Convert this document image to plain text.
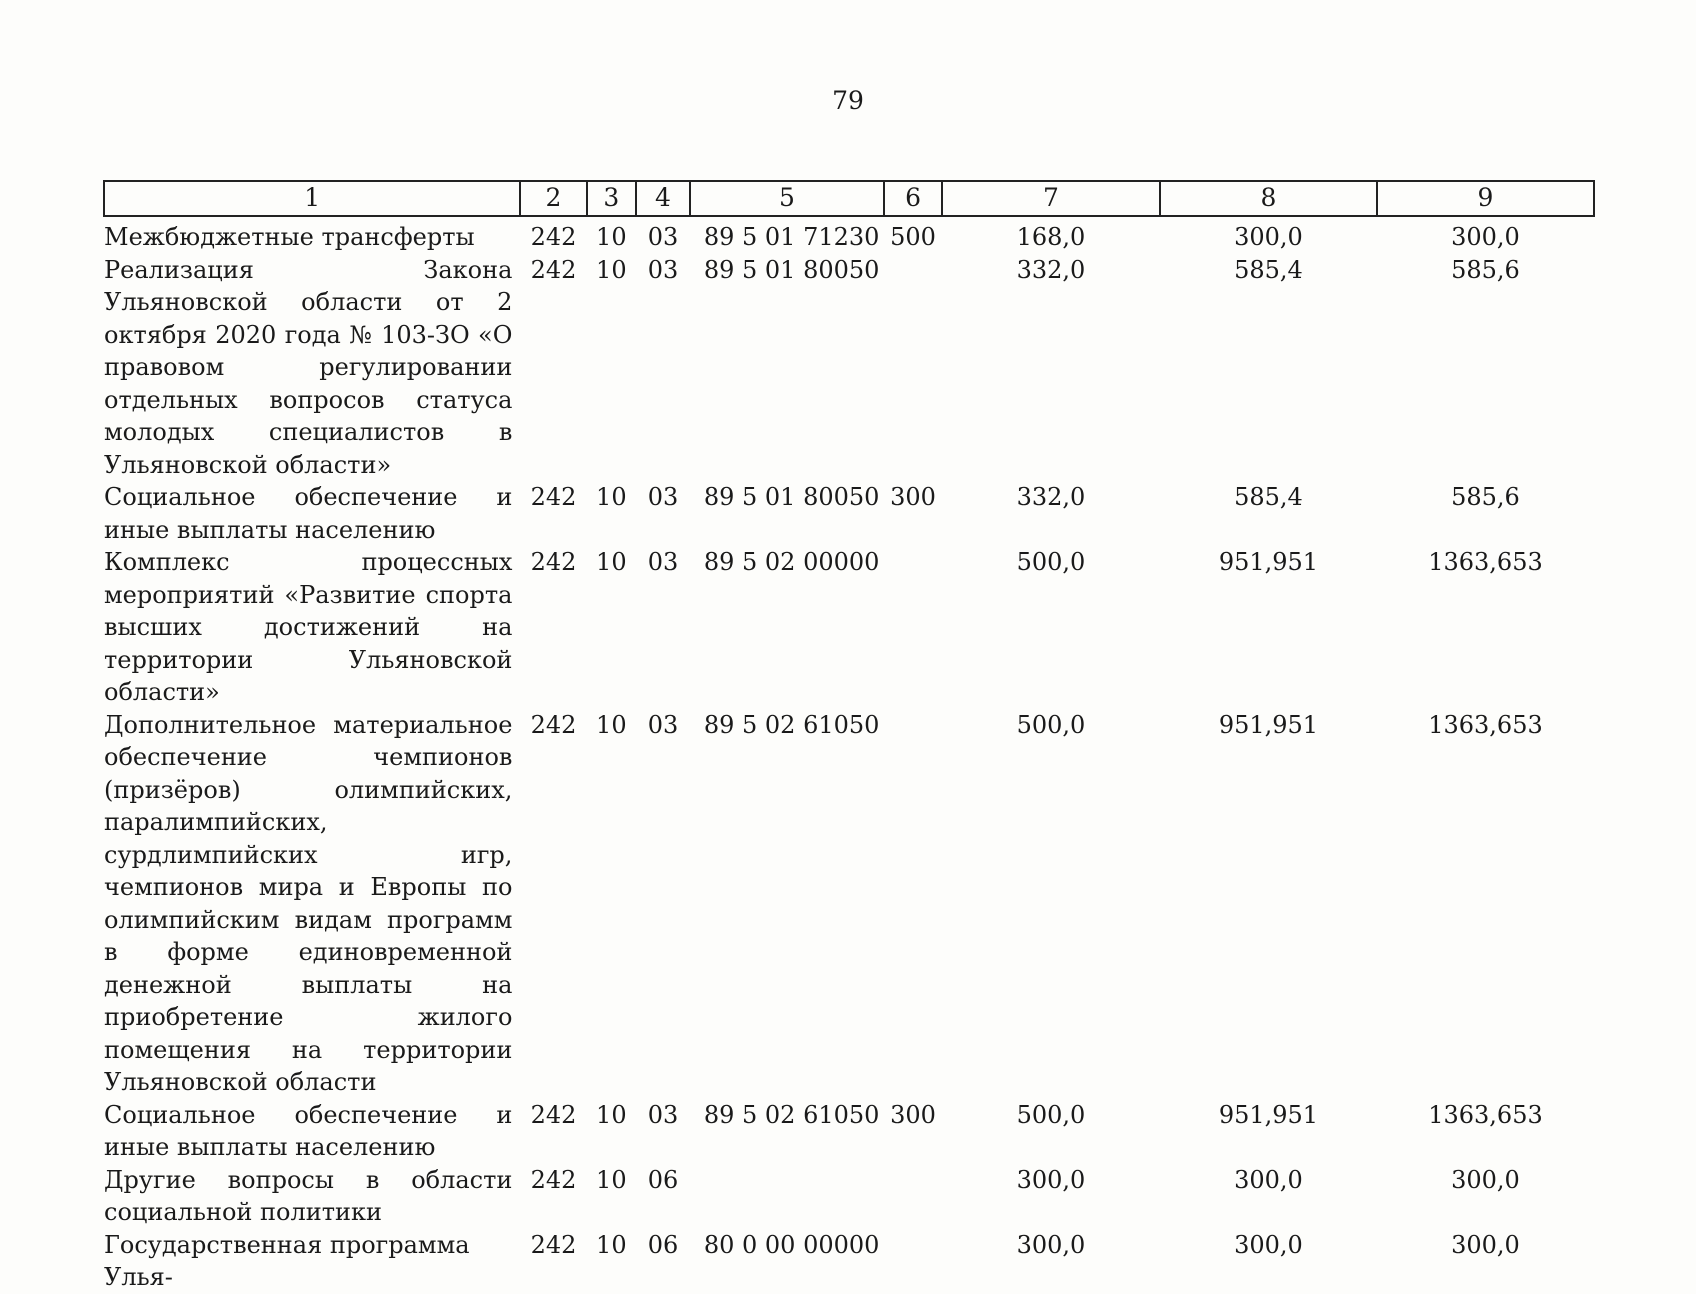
79
1	2	3	4	5	6	7	8	9
Межбюджетные трансферты	242	10	03	89 5 01 71230	500	168,0	300,0	300,0
Реализация Закона Ульяновской области от 2 октября 2020 года № 103-ЗО «О правовом регулировании отдельных вопросов статуса молодых специалистов в Ульяновской области»	242	10	03	89 5 01 80050		332,0	585,4	585,6
Социальное обеспечение и иные выплаты населению	242	10	03	89 5 01 80050	300	332,0	585,4	585,6
Комплекс процессных мероприятий «Развитие спорта высших достижений на территории Ульяновской области»	242	10	03	89 5 02 00000		500,0	951,951	1363,653
Дополнительное материальное обеспечение чемпионов (призёров) олимпийских, паралимпийских, сурдлимпийских игр, чемпионов мира и Европы по олимпийским видам программ в форме единовременной денежной выплаты на приобретение жилого помещения на территории Ульяновской области	242	10	03	89 5 02 61050		500,0	951,951	1363,653
Социальное обеспечение и иные выплаты населению	242	10	03	89 5 02 61050	300	500,0	951,951	1363,653
Другие вопросы в области социальной политики	242	10	06			300,0	300,0	300,0
Государственная программа Улья-	242	10	06	80 0 00 00000		300,0	300,0	300,0
